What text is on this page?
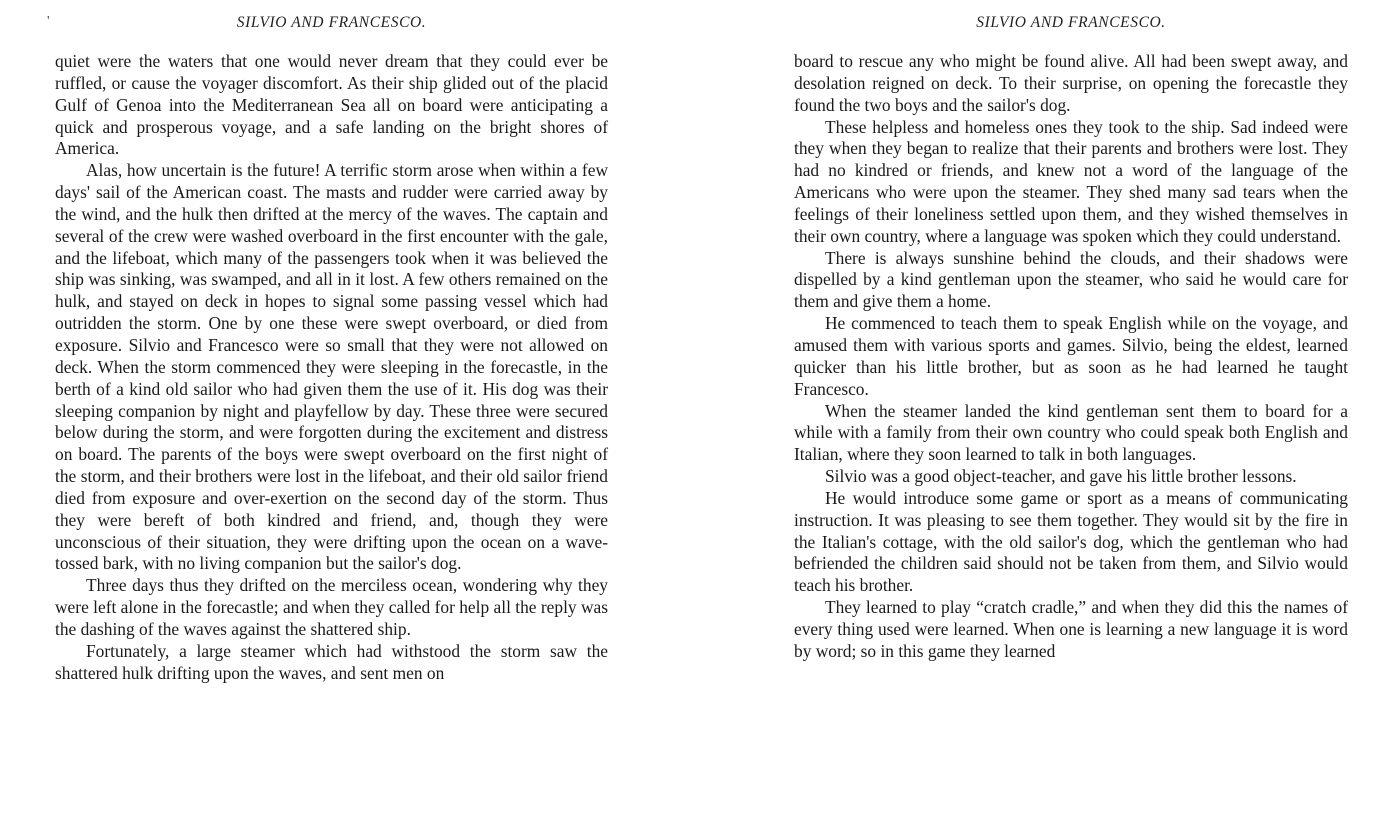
'	SILVIO AND FRANCESCO.

quiet were the waters that one would never dream that they could ever be ruffled, or cause the voyager discomfort. As their ship glided out of the placid Gulf of Genoa into the Mediterranean Sea all on board were anticipating a quick and prosperous voyage, and a safe landing on the bright shores of America.

Alas, how uncertain is the future! A terrific storm arose when within a few days' sail of the American coast. The masts and rudder were carried away by the wind, and the hulk then drifted at the mercy of the waves. The captain and several of the crew were washed overboard in the first encounter with the gale, and the lifeboat, which many of the passengers took when it was believed the ship was sinking, was swamped, and all in it lost. A few others remained on the hulk, and stayed on deck in hopes to signal some passing vessel which had outridden the storm. One by one these were swept overboard, or died from exposure. Silvio and Francesco were so small that they were not allowed on deck. When the storm commenced they were sleeping in the forecastle, in the berth of a kind old sailor who had given them the use of it. His dog was their sleeping companion by night and playfellow by day. These three were secured below during the storm, and were forgotten during the excitement and distress on board. The parents of the boys were swept overboard on the first night of the storm, and their brothers were lost in the lifeboat, and their old sailor friend died from exposure and over-exertion on the second day of the storm. Thus they were bereft of both kindred and friend, and, though they were unconscious of their situation, they were drifting upon the ocean on a wave-tossed bark, with no living companion but the sailor's dog.

Three days thus they drifted on the merciless ocean, wondering why they were left alone in the forecastle; and when they called for help all the reply was the dashing of the waves against the shattered ship.

Fortunately, a large steamer which had withstood the storm saw the shattered hulk drifting upon the waves, and sent men on

SILVIO AND FRANCESCO.

board to rescue any who might be found alive. All had been swept away, and desolation reigned on deck. To their surprise, on opening the forecastle they found the two boys and the sailor's dog.

These helpless and homeless ones they took to the ship. Sad indeed were they when they began to realize that their parents and brothers were lost. They had no kindred or friends, and knew not a word of the language of the Americans who were upon the steamer. They shed many sad tears when the feelings of their loneliness settled upon them, and they wished themselves in their own country, where a language was spoken which they could understand.

There is always sunshine behind the clouds, and their shadows were dispelled by a kind gentleman upon the steamer, who said he would care for them and give them a home.

He commenced to teach them to speak English while on the voyage, and amused them with various sports and games. Silvio, being the eldest, learned quicker than his little brother, but as soon as he had learned he taught Francesco.

When the steamer landed the kind gentleman sent them to board for a while with a family from their own country who could speak both English and Italian, where they soon learned to talk in both languages.

Silvio was a good object-teacher, and gave his little brother lessons.

He would introduce some game or sport as a means of communicating instruction. It was pleasing to see them together. They would sit by the fire in the Italian's cottage, with the old sailor's dog, which the gentleman who had befriended the children said should not be taken from them, and Silvio would teach his brother.

They learned to play “cratch cradle,” and when they did this the names of every thing used were learned. When one is learning a new language it is word by word; so in this game they learned
